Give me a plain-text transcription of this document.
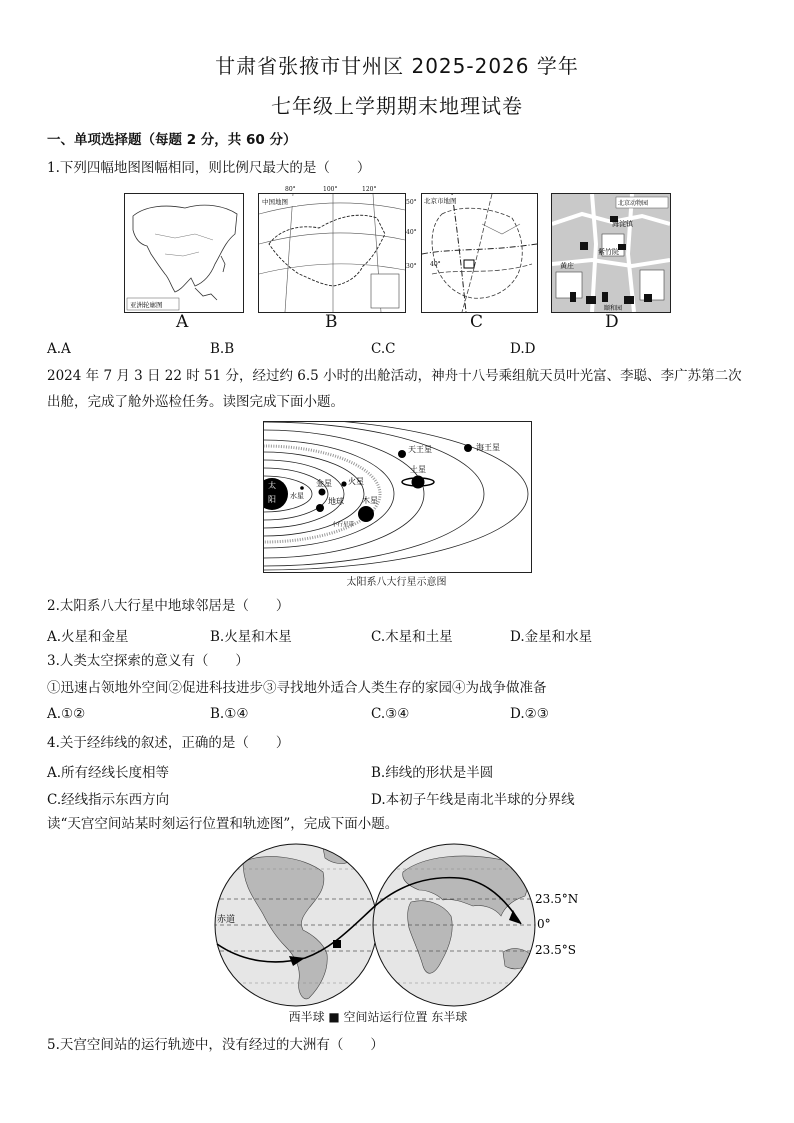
甘肃省张掖市甘州区 2025-2026 学年
七年级上学期期末地理试卷
一、单项选择题（每题 2 分，共 60 分）
1.下列四幅地图图幅相同，则比例尺最大的是（　　）
亚洲轮廓图
A
中国地图
80°	100°	120°
50°
40°
30°
B
北京市地图
40°
C
北京动物园
海淀镇
紫竹院
黄庄
颐和园
D
A.A	B.B	C.C	D.D
2024 年 7 月 3 日 22 时 51 分，经过约 6.5 小时的出舱活动，神舟十八号乘组航天员叶光富、李聪、李广苏第二次
出舱，完成了舱外巡检任务。读图完成下面小题。
太
阳 水星
金星
地球
火星
木星
小行星带
土星
天王星	海王星
太阳系八大行星示意图
2.太阳系八大行星中地球邻居是（　　）
A.火星和金星	B.火星和木星	C.木星和土星	D.金星和水星
3.人类太空探索的意义有（　　）
①迅速占领地外空间②促进科技进步③寻找地外适合人类生存的家园④为战争做准备
A.①②	B.①④	C.③④	D.②③
4.关于经纬线的叙述，正确的是（　　）
A.所有经线长度相等	B.纬线的形状是半圆
C.经线指示东西方向	D.本初子午线是南北半球的分界线
读“天宫空间站某时刻运行位置和轨迹图”，完成下面小题。
赤道
23.5°N
0°
23.5°S
西半球 ■ 空间站运行位置 东半球
5.天宫空间站的运行轨迹中，没有经过的大洲有（　　）
